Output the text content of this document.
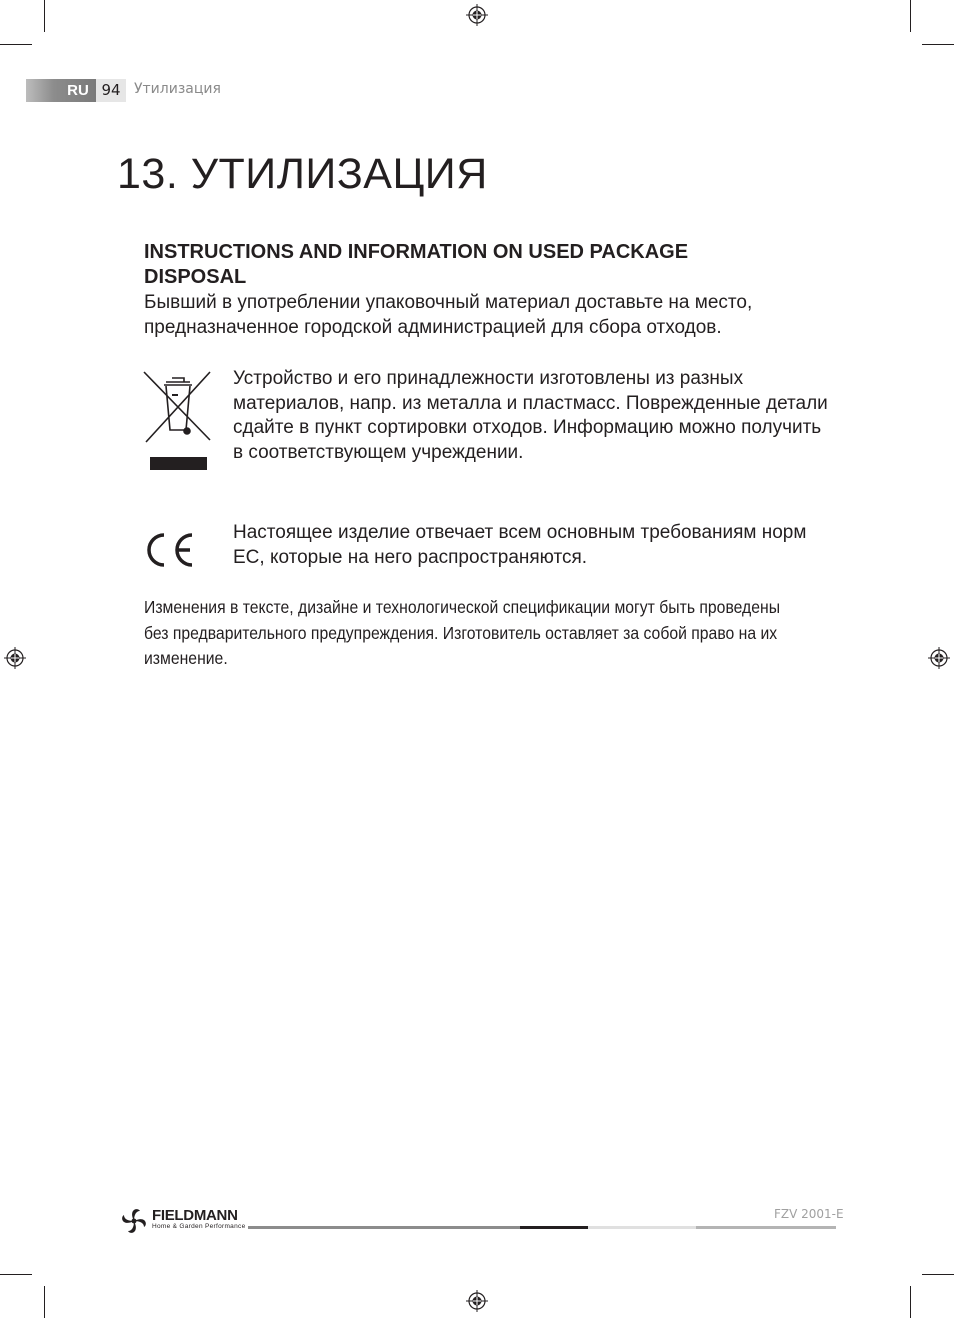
RU 94 Утилизация
13. УТИЛИЗАЦИЯ

INSTRUCTIONS AND INFORMATION ON USED PACKAGE DISPOSAL

Бывший в употреблении упаковочный материал доставьте на место, предназначенное городской администрацией для сбора отходов.

Устройство и его принадлежности изготовлены из разных материалов, напр. из металла и пластмасс. Поврежденные детали сдайте в пункт сортировки отходов. Информацию можно получить в соответствующем учреждении.

Настоящее изделие отвечает всем основным требованиям норм ЕС, которые на него распространяются.

Изменения в тексте, дизайне и технологической спецификации могут быть проведены без предварительного предупреждения. Изготовитель оставляет за собой право на их изменение.

FIELDMANN
Home & Garden Performance
FZV 2001-E
